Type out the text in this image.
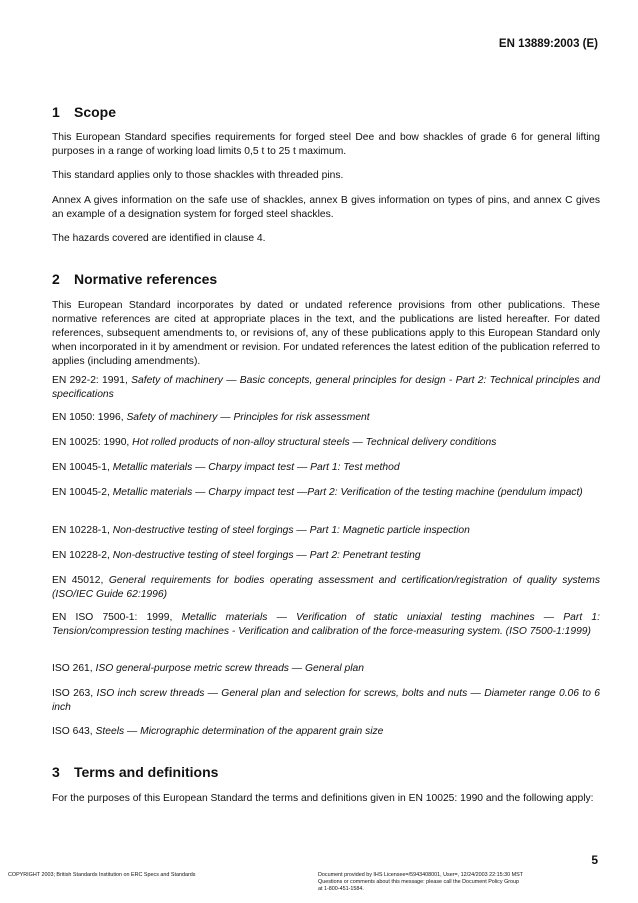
EN 13889:2003 (E)
1 Scope

This European Standard specifies requirements for forged steel Dee and bow shackles of grade 6 for general lifting purposes in a range of working load limits 0,5 t to 25 t maximum.

This standard applies only to those shackles with threaded pins.

Annex A gives information on the safe use of shackles, annex B gives information on types of pins, and annex C gives an example of a designation system for forged steel shackles.

The hazards covered are identified in clause 4.

2 Normative references

This European Standard incorporates by dated or undated reference provisions from other publications. These normative references are cited at appropriate places in the text, and the publications are listed hereafter. For dated references, subsequent amendments to, or revisions of, any of these publications apply to this European Standard only when incorporated in it by amendment or revision. For undated references the latest edition of the publication referred to applies (including amendments).

EN 292-2: 1991, Safety of machinery — Basic concepts, general principles for design - Part 2: Technical principles and specifications

EN 1050: 1996, Safety of machinery — Principles for risk assessment

EN 10025: 1990, Hot rolled products of non-alloy structural steels — Technical delivery conditions

EN 10045-1, Metallic materials — Charpy impact test — Part 1: Test method

EN 10045-2, Metallic materials — Charpy impact test —Part 2: Verification of the testing machine (pendulum impact)

EN 10228-1, Non-destructive testing of steel forgings — Part 1: Magnetic particle inspection

EN 10228-2, Non-destructive testing of steel forgings — Part 2: Penetrant testing

EN 45012, General requirements for bodies operating assessment and certification/registration of quality systems (ISO/IEC Guide 62:1996)

EN ISO 7500-1: 1999, Metallic materials — Verification of static uniaxial testing machines — Part 1: Tension/compression testing machines - Verification and calibration of the force-measuring system. (ISO 7500-1:1999)

ISO 261, ISO general-purpose metric screw threads — General plan

ISO 263, ISO inch screw threads — General plan and selection for screws, bolts and nuts — Diameter range 0.06 to 6 inch

ISO 643, Steels — Micrographic determination of the apparent grain size

3 Terms and definitions

For the purposes of this European Standard the terms and definitions given in EN 10025: 1990 and the following apply:

5
COPYRIGHT 2003; British Standards Institution on ERC Specs and Standards	Document provided by IHS Licensee=/5943408001, User=, 12/24/2003 22:15:30 MST
Questions or comments about this message: please call the Document Policy Group
at 1-800-451-1584.
